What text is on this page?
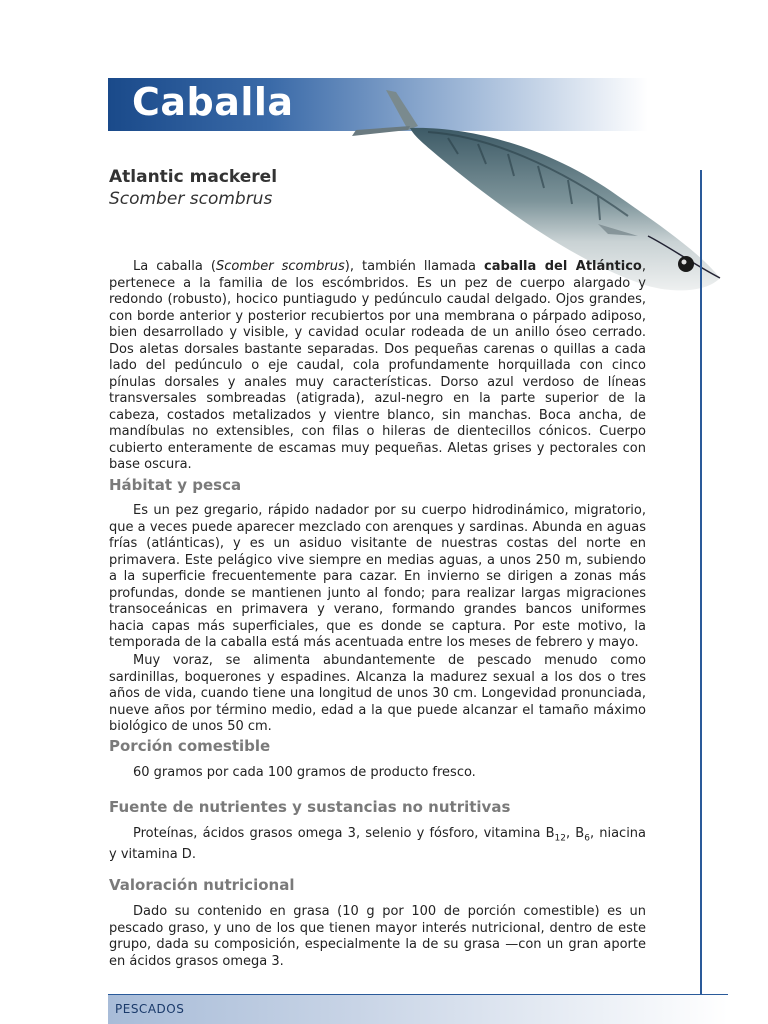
Caballa
Atlantic mackerel
Scomber scombrus

La caballa (Scomber scombrus), también llamada caballa del Atlántico, pertenece a la familia de los escómbridos. Es un pez de cuerpo alargado y redondo (robusto), hocico puntiagudo y pedúnculo caudal delgado. Ojos grandes, con borde anterior y posterior recubiertos por una membrana o párpado adiposo, bien desarrollado y visible, y cavidad ocular rodeada de un anillo óseo cerrado. Dos aletas dorsales bastante separadas. Dos pequeñas carenas o quillas a cada lado del pedúnculo o eje caudal, cola profundamente horquillada con cinco pínulas dorsales y anales muy características. Dorso azul verdoso de líneas transversales sombreadas (atigrada), azul-negro en la parte superior de la cabeza, costados metalizados y vientre blanco, sin manchas. Boca ancha, de mandíbulas no extensibles, con filas o hileras de dientecillos cónicos. Cuerpo cubierto enteramente de escamas muy pequeñas. Aletas grises y pectorales con base oscura.

Hábitat y pesca

Es un pez gregario, rápido nadador por su cuerpo hidrodinámico, migratorio, que a veces puede aparecer mezclado con arenques y sardinas. Abunda en aguas frías (atlánticas), y es un asiduo visitante de nuestras costas del norte en primavera. Este pelágico vive siempre en medias aguas, a unos 250 m, subiendo a la superficie frecuentemente para cazar. En invierno se dirigen a zonas más profundas, donde se mantienen junto al fondo; para realizar largas migraciones transoceánicas en primavera y verano, formando grandes bancos uniformes hacia capas más superficiales, que es donde se captura. Por este motivo, la temporada de la caballa está más acentuada entre los meses de febrero y mayo.

Muy voraz, se alimenta abundantemente de pescado menudo como sardinillas, boquerones y espadines. Alcanza la madurez sexual a los dos o tres años de vida, cuando tiene una longitud de unos 30 cm. Longevidad pronunciada, nueve años por término medio, edad a la que puede alcanzar el tamaño máximo biológico de unos 50 cm.

Porción comestible

60 gramos por cada 100 gramos de producto fresco.

Fuente de nutrientes y sustancias no nutritivas

Proteínas, ácidos grasos omega 3, selenio y fósforo, vitamina $B_{12}$, $B_6$, niacina y vitamina D.

Valoración nutricional

Dado su contenido en grasa (10 g por 100 de porción comestible) es un pescado graso, y uno de los que tienen mayor interés nutricional, dentro de este grupo, dada su composición, especialmente la de su grasa —con un gran aporte en ácidos grasos omega 3.

PESCADOS
